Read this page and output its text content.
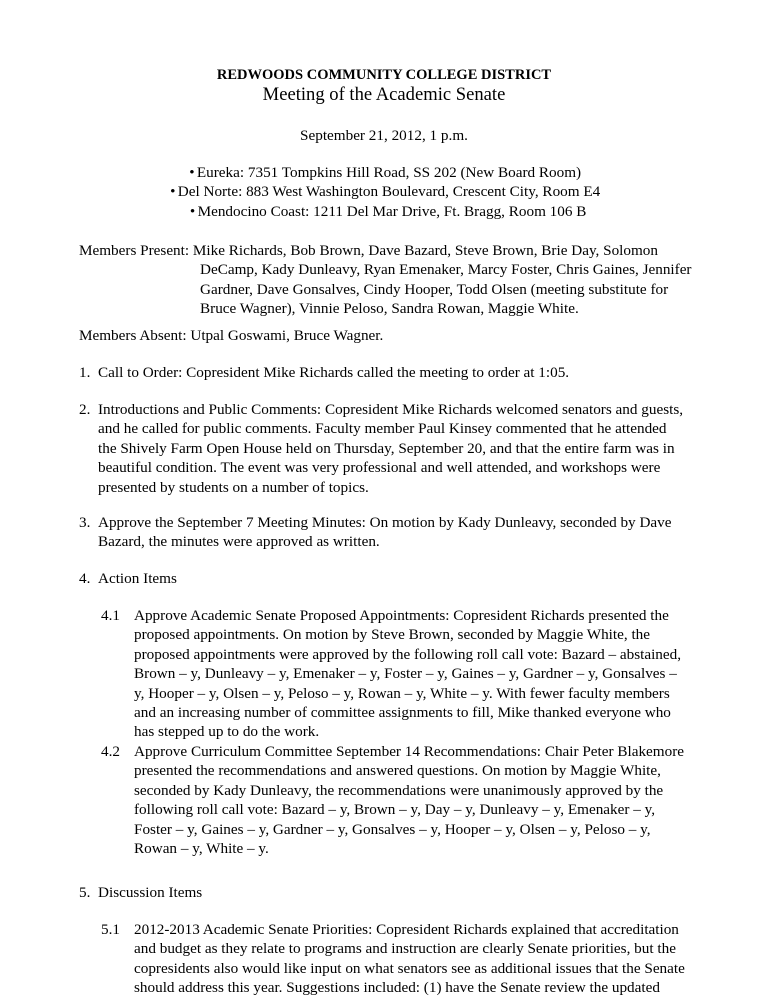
REDWOODS COMMUNITY COLLEGE DISTRICT
Meeting of the Academic Senate
September 21, 2012, 1 p.m.
• Eureka: 7351 Tompkins Hill Road, SS 202 (New Board Room)
• Del Norte: 883 West Washington Boulevard, Crescent City, Room E4
• Mendocino Coast: 1211 Del Mar Drive, Ft. Bragg, Room 106 B

Members Present: Mike Richards, Bob Brown, Dave Bazard, Steve Brown, Brie Day, Solomon

DeCamp, Kady Dunleavy, Ryan Emenaker, Marcy Foster, Chris Gaines, Jennifer

Gardner, Dave Gonsalves, Cindy Hooper, Todd Olsen (meeting substitute for

Bruce Wagner), Vinnie Peloso, Sandra Rowan, Maggie White.

Members Absent: Utpal Goswami, Bruce Wagner.
1. Call to Order: Copresident Mike Richards called the meeting to order at 1:05.

2. Introductions and Public Comments: Copresident Mike Richards welcomed senators and guests,

and he called for public comments. Faculty member Paul Kinsey commented that he attended

the Shively Farm Open House held on Thursday, September 20, and that the entire farm was in

beautiful condition. The event was very professional and well attended, and workshops were

presented by students on a number of topics.

3. Approve the September 7 Meeting Minutes: On motion by Kady Dunleavy, seconded by Dave

Bazard, the minutes were approved as written.

4. Action Items

4.1 Approve Academic Senate Proposed Appointments: Copresident Richards presented the

proposed appointments. On motion by Steve Brown, seconded by Maggie White, the

proposed appointments were approved by the following roll call vote: Bazard – abstained,

Brown – y, Dunleavy – y, Emenaker – y, Foster – y, Gaines – y, Gardner – y, Gonsalves –

y, Hooper – y, Olsen – y, Peloso – y, Rowan – y, White – y. With fewer faculty members

and an increasing number of committee assignments to fill, Mike thanked everyone who

has stepped up to do the work.

4.2 Approve Curriculum Committee September 14 Recommendations: Chair Peter Blakemore

presented the recommendations and answered questions. On motion by Maggie White,

seconded by Kady Dunleavy, the recommendations were unanimously approved by the

following roll call vote: Bazard – y, Brown – y, Day – y, Dunleavy – y, Emenaker – y,

Foster – y, Gaines – y, Gardner – y, Gonsalves – y, Hooper – y, Olsen – y, Peloso – y,

Rowan – y, White – y.

5. Discussion Items

5.1 2012-2013 Academic Senate Priorities: Copresident Richards explained that accreditation

and budget as they relate to programs and instruction are clearly Senate priorities, but the

copresidents also would like input on what senators see as additional issues that the Senate

should address this year. Suggestions included: (1) have the Senate review the updated
